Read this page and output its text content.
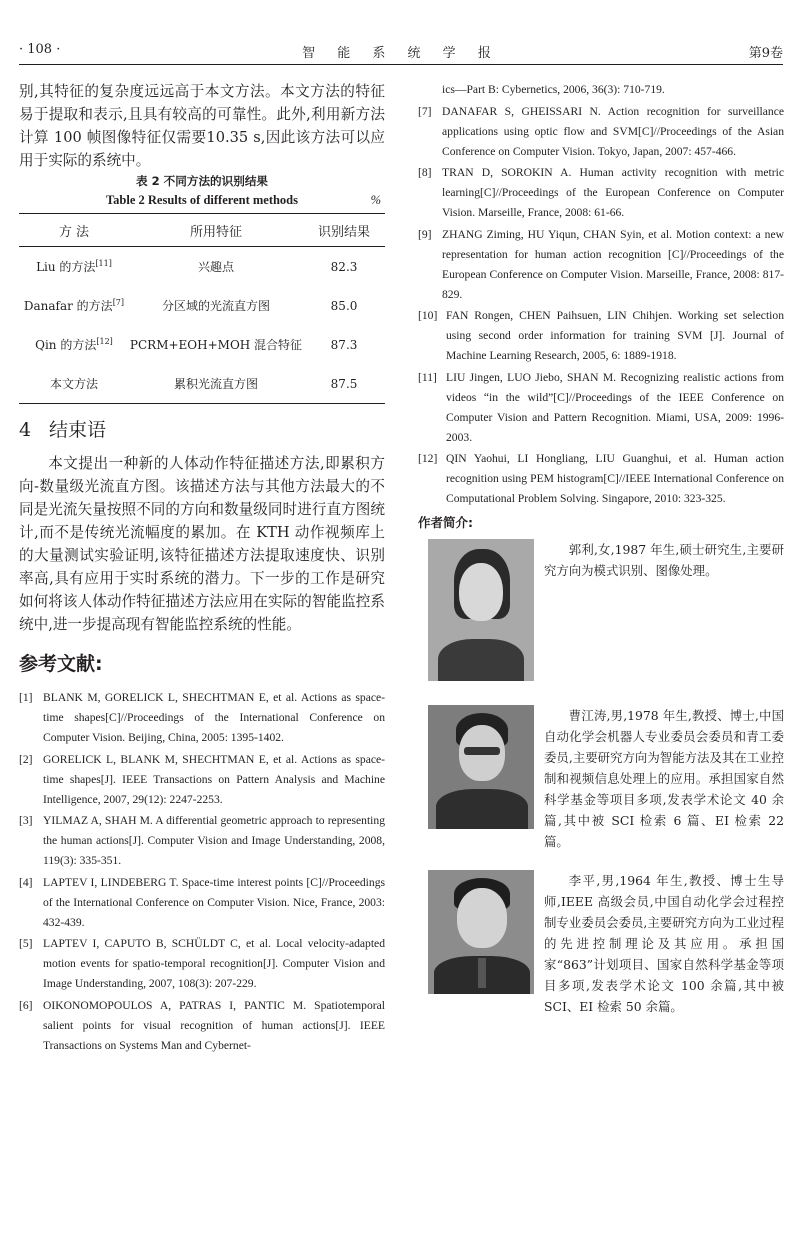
· 108 ·	智 能 系 统 学 报	第9卷

别,其特征的复杂度远远高于本文方法。本文方法的特征易于提取和表示,且具有较高的可靠性。此外,利用新方法计算 100 帧图像特征仅需要10.35 s,因此该方法可以应用于实际的系统中。

表 2 不同方法的识别结果

Table 2 Results of different methods	%

方 法	所用特征	识别结果
Liu 的方法[11]	兴趣点	82.3
Danafar 的方法[7]	分区域的光流直方图	85.0
Qin 的方法[12]	PCRM+EOH+MOH 混合特征	87.3
本文方法	累积光流直方图	87.5
4 结束语

本文提出一种新的人体动作特征描述方法,即累积方向-数量级光流直方图。该描述方法与其他方法最大的不同是光流矢量按照不同的方向和数量级同时进行直方图统计,而不是传统光流幅度的累加。在 KTH 动作视频库上的大量测试实验证明,该特征描述方法提取速度快、识别率高,具有应用于实时系统的潜力。下一步的工作是研究如何将该人体动作特征描述方法应用在实际的智能监控系统中,进一步提高现有智能监控系统的性能。

参考文献:

[1] BLANK M, GORELICK L, SHECHTMAN E, et al. Actions as space-time shapes[C]//Proceedings of the International Conference on Computer Vision. Beijing, China, 2005: 1395-1402.

[2] GORELICK L, BLANK M, SHECHTMAN E, et al. Actions as space-time shapes[J]. IEEE Transactions on Pattern Analysis and Machine Intelligence, 2007, 29(12): 2247-2253.

[3] YILMAZ A, SHAH M. A differential geometric approach to representing the human actions[J]. Computer Vision and Image Understanding, 2008, 119(3): 335-351.

[4] LAPTEV I, LINDEBERG T. Space-time interest points [C]//Proceedings of the International Conference on Computer Vision. Nice, France, 2003: 432-439.

[5] LAPTEV I, CAPUTO B, SCHÜLDT C, et al. Local velocity-adapted motion events for spatio-temporal recognition[J]. Computer Vision and Image Understanding, 2007, 108(3): 207-229.

[6] OIKONOMOPOULOS A, PATRAS I, PANTIC M. Spatiotemporal salient points for visual recognition of human actions[J]. IEEE Transactions on Systems Man and Cybernet-

ics—Part B: Cybernetics, 2006, 36(3): 710-719.

[7] DANAFAR S, GHEISSARI N. Action recognition for surveillance applications using optic flow and SVM[C]//Proceedings of the Asian Conference on Computer Vision. Tokyo, Japan, 2007: 457-466.

[8] TRAN D, SOROKIN A. Human activity recognition with metric learning[C]//Proceedings of the European Conference on Computer Vision. Marseille, France, 2008: 61-66.

[9] ZHANG Ziming, HU Yiqun, CHAN Syin, et al. Motion context: a new representation for human action recognition [C]//Proceedings of the European Conference on Computer Vision. Marseille, France, 2008: 817-829.

[10] FAN Rongen, CHEN Paihsuen, LIN Chihjen. Working set selection using second order information for training SVM [J]. Journal of Machine Learning Research, 2005, 6: 1889-1918.

[11] LIU Jingen, LUO Jiebo, SHAN M. Recognizing realistic actions from videos “in the wild”[C]//Proceedings of the IEEE Conference on Computer Vision and Pattern Recognition. Miami, USA, 2009: 1996-2003.

[12] QIN Yaohui, LI Hongliang, LIU Guanghui, et al. Human action recognition using PEM histogram[C]//IEEE International Conference on Computational Problem Solving. Singapore, 2010: 323-325.

作者简介:

郭利,女,1987 年生,硕士研究生,主要研究方向为模式识别、图像处理。

曹江涛,男,1978 年生,教授、博士,中国自动化学会机器人专业委员会委员和青工委委员,主要研究方向为智能方法及其在工业控制和视频信息处理上的应用。承担国家自然科学基金等项目多项,发表学术论文 40 余篇,其中被 SCI 检索 6 篇、EI 检索 22 篇。

李平,男,1964 年生,教授、博士生导师,IEEE 高级会员,中国自动化学会过程控制专业委员会委员,主要研究方向为工业过程的先进控制理论及其应用。承担国家“863”计划项目、国家自然科学基金等项目多项,发表学术论文 100 余篇,其中被SCI、EI 检索 50 余篇。
